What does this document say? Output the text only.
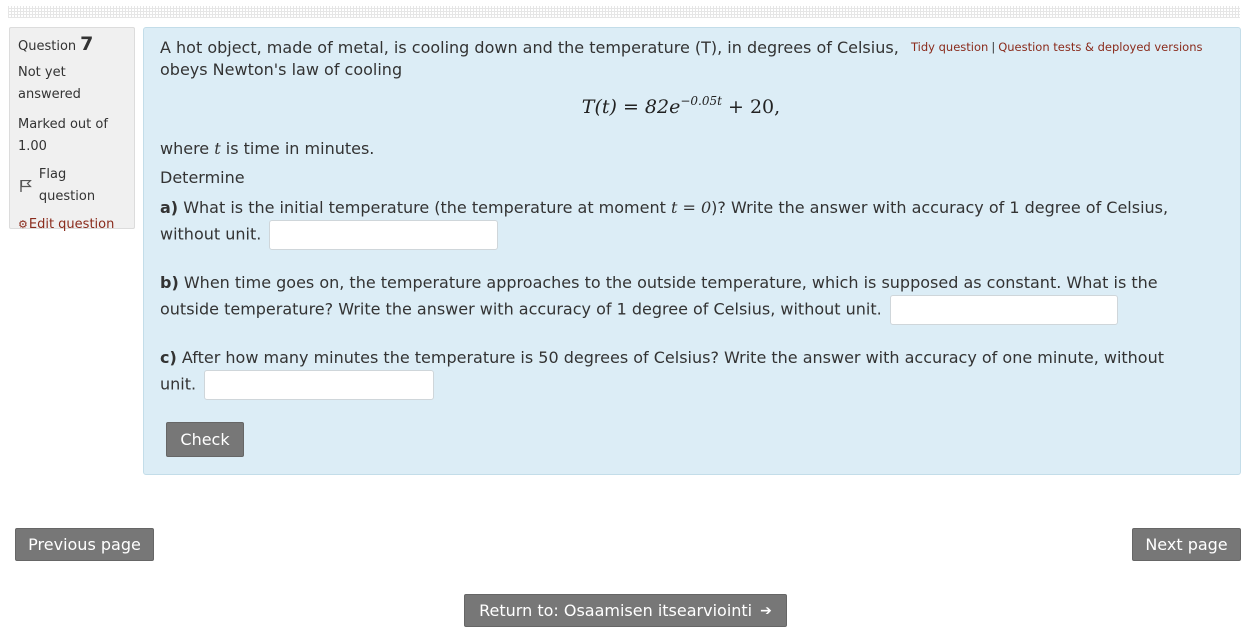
Question 7
Not yet
answered
Marked out of
1.00
Flag question
⚙ Edit question
Tidy question | Question tests & deployed versions
A hot object, made of metal, is cooling down and the temperature (T), in degrees of Celsius,
obeys Newton's law of cooling
$T(t) = 82e^{-0.05t} + 20$,
where t is time in minutes.
Determine
a) What is the initial temperature (the temperature at moment t = 0)? Write the answer with accuracy of 1 degree of Celsius,
without unit.
b) When time goes on, the temperature approaches to the outside temperature, which is supposed as constant. What is the
outside temperature? Write the answer with accuracy of 1 degree of Celsius, without unit.
c) After how many minutes the temperature is 50 degrees of Celsius? Write the answer with accuracy of one minute, without
unit.
Check
Previous page	Next page
Return to: Osaamisen itsearviointi ➔
